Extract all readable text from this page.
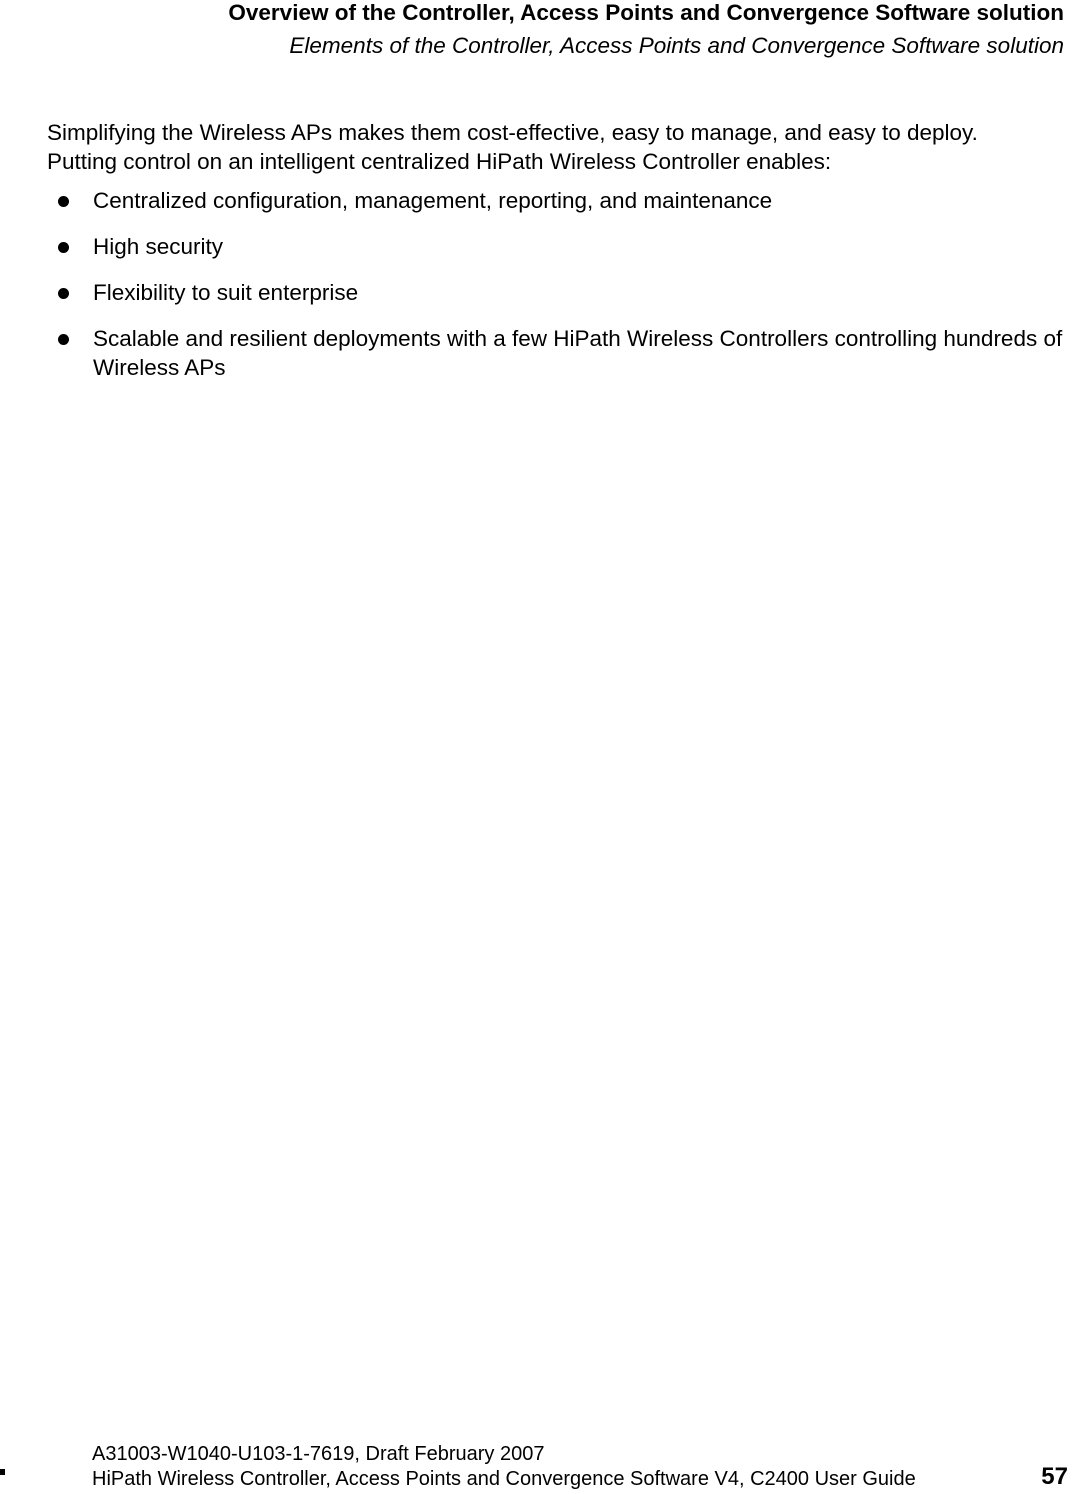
Overview of the Controller, Access Points and Convergence Software solution
Elements of the Controller, Access Points and Convergence Software solution

Simplifying the Wireless APs makes them cost-effective, easy to manage, and easy to deploy.
Putting control on an intelligent centralized HiPath Wireless Controller enables:

Centralized configuration, management, reporting, and maintenance
High security
Flexibility to suit enterprise
Scalable and resilient deployments with a few HiPath Wireless Controllers controlling hundreds of Wireless APs
A31003-W1040-U103-1-7619, Draft February 2007
HiPath Wireless Controller, Access Points and Convergence Software V4, C2400 User Guide	57
